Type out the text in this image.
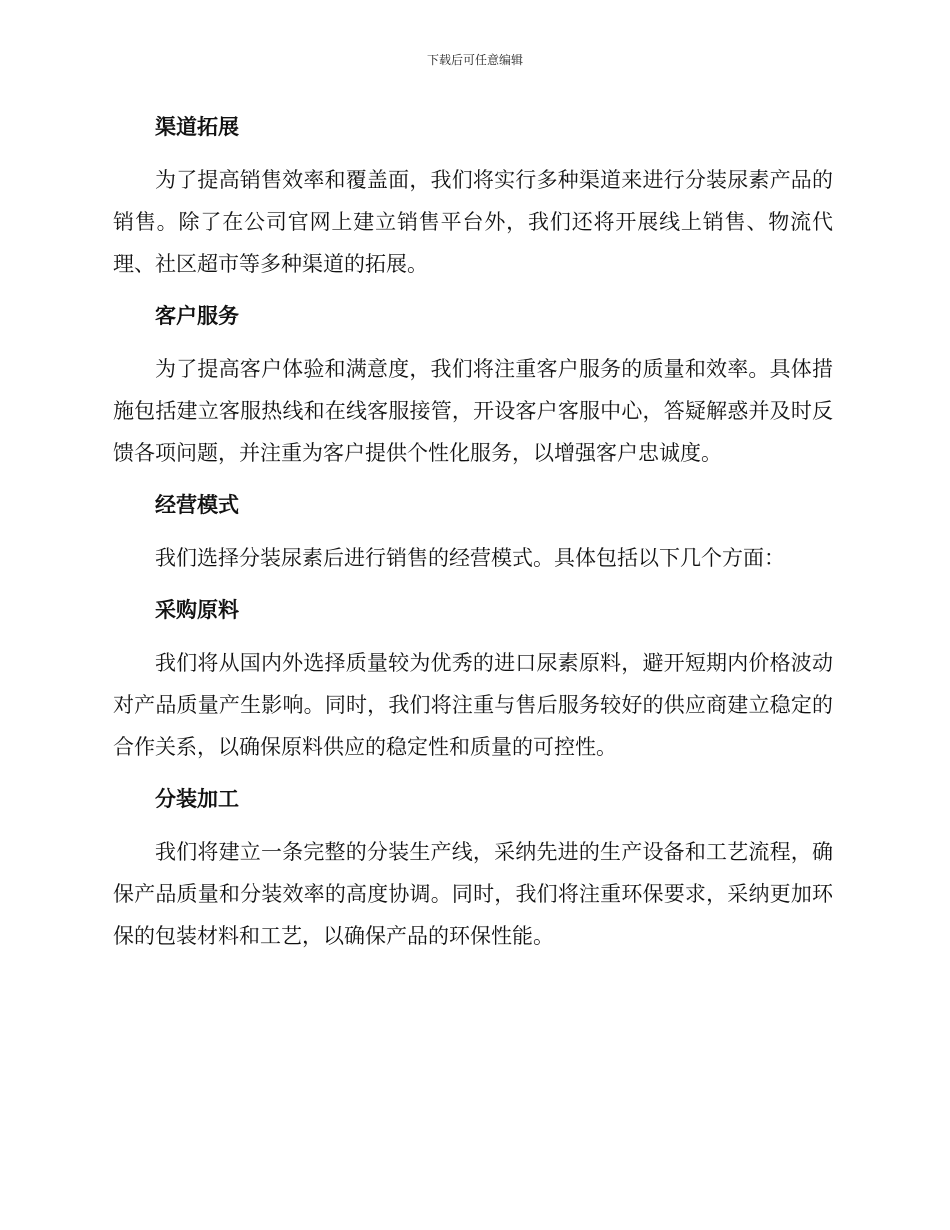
下载后可任意编辑
渠道拓展

为了提高销售效率和覆盖面，我们将实行多种渠道来进行分装尿素产品的销售。除了在公司官网上建立销售平台外，我们还将开展线上销售、物流代理、社区超市等多种渠道的拓展。

客户服务

为了提高客户体验和满意度，我们将注重客户服务的质量和效率。具体措施包括建立客服热线和在线客服接管，开设客户客服中心，答疑解惑并及时反馈各项问题，并注重为客户提供个性化服务，以增强客户忠诚度。

经营模式

我们选择分装尿素后进行销售的经营模式。具体包括以下几个方面：

采购原料

我们将从国内外选择质量较为优秀的进口尿素原料，避开短期内价格波动对产品质量产生影响。同时，我们将注重与售后服务较好的供应商建立稳定的合作关系，以确保原料供应的稳定性和质量的可控性。

分装加工

我们将建立一条完整的分装生产线，采纳先进的生产设备和工艺流程，确保产品质量和分装效率的高度协调。同时，我们将注重环保要求，采纳更加环保的包装材料和工艺，以确保产品的环保性能。
